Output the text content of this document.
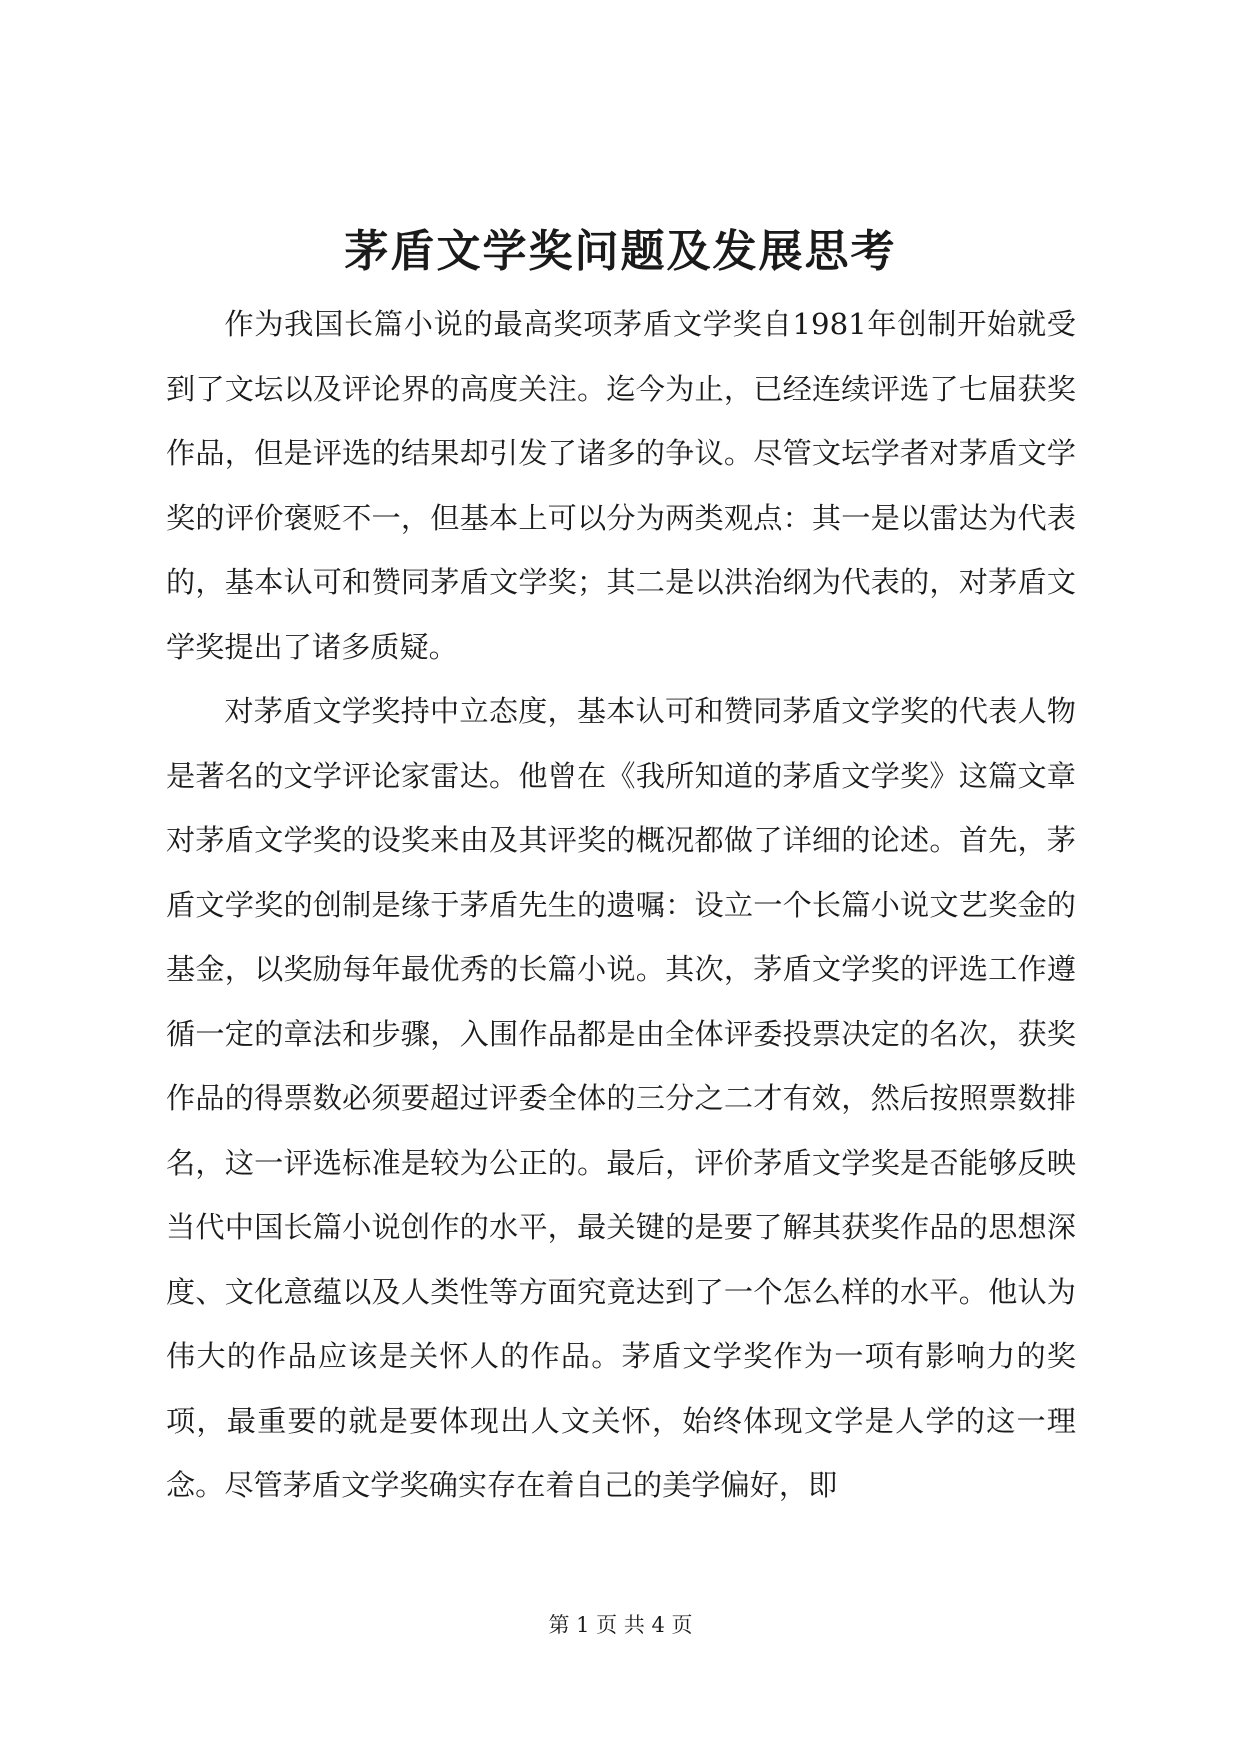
茅盾文学奖问题及发展思考

作为我国长篇小说的最高奖项茅盾文学奖自1981年创制开始就受到了文坛以及评论界的高度关注。迄今为止，已经连续评选了七届获奖作品，但是评选的结果却引发了诸多的争议。尽管文坛学者对茅盾文学奖的评价褒贬不一，但基本上可以分为两类观点：其一是以雷达为代表的，基本认可和赞同茅盾文学奖；其二是以洪治纲为代表的，对茅盾文学奖提出了诸多质疑。

对茅盾文学奖持中立态度，基本认可和赞同茅盾文学奖的代表人物是著名的文学评论家雷达。他曾在《我所知道的茅盾文学奖》这篇文章对茅盾文学奖的设奖来由及其评奖的概况都做了详细的论述。首先，茅盾文学奖的创制是缘于茅盾先生的遗嘱：设立一个长篇小说文艺奖金的基金，以奖励每年最优秀的长篇小说。其次，茅盾文学奖的评选工作遵循一定的章法和步骤，入围作品都是由全体评委投票决定的名次，获奖作品的得票数必须要超过评委全体的三分之二才有效，然后按照票数排名，这一评选标准是较为公正的。最后，评价茅盾文学奖是否能够反映当代中国长篇小说创作的水平，最关键的是要了解其获奖作品的思想深度、文化意蕴以及人类性等方面究竟达到了一个怎么样的水平。他认为伟大的作品应该是关怀人的作品。茅盾文学奖作为一项有影响力的奖项，最重要的就是要体现出人文关怀，始终体现文学是人学的这一理念。尽管茅盾文学奖确实存在着自己的美学偏好，即

第 1 页 共 4 页
